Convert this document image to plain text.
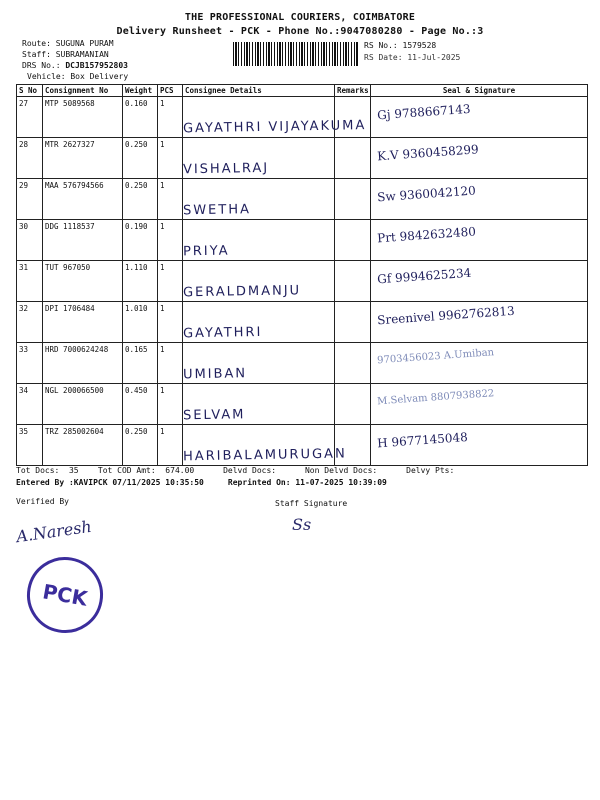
THE PROFESSIONAL COURIERS, COIMBATORE
Delivery Runsheet - PCK - Phone No.:9047080280 - Page No.:3
Route: SUGUNA PURAM
Staff: SUBRAMANIAN
DRS No.: DCJB157952803
Vehicle: Box Delivery
RS No.: 1579528
RS Date: 11-Jul-2025
S No	Consignment No	Weight	PCS	Consignee Details	Remarks	Seal & Signature
27	MTP 5089568	0.160	1	GAYATHRI VIJAYAKUMA		Gj 9788667143

28	MTR 2627327	0.250	1	VISHALRAJ		K.V 9360458299

29	MAA 576794566	0.250	1	SWETHA		Sw 9360042120

30	DDG 1118537	0.190	1	PRIYA		Prt 9842632480

31	TUT 967050	1.110	1	GERALDMANJU		Gf 9994625234

32	DPI 1706484	1.010	1	GAYATHRI		Sreenivel 9962762813

33	HRD 7000624248	0.165	1	UMIBAN		9703456023 A.Umiban

34	NGL 200066500	0.450	1	SELVAM		M.Selvam 8807938822

35	TRZ 285002604	0.250	1	HARIBALAMURUGAN		H 9677145048
Tot Docs:  35    Tot COD Amt:  674.00      Delvd Docs:      Non Delvd Docs:      Delvy Pts:
Entered By :KAVIPCK 07/11/2025 10:35:50     Reprinted On: 11-07-2025 10:39:09
Verified By	Staff Signature
A.Naresh	Ss
PCK
